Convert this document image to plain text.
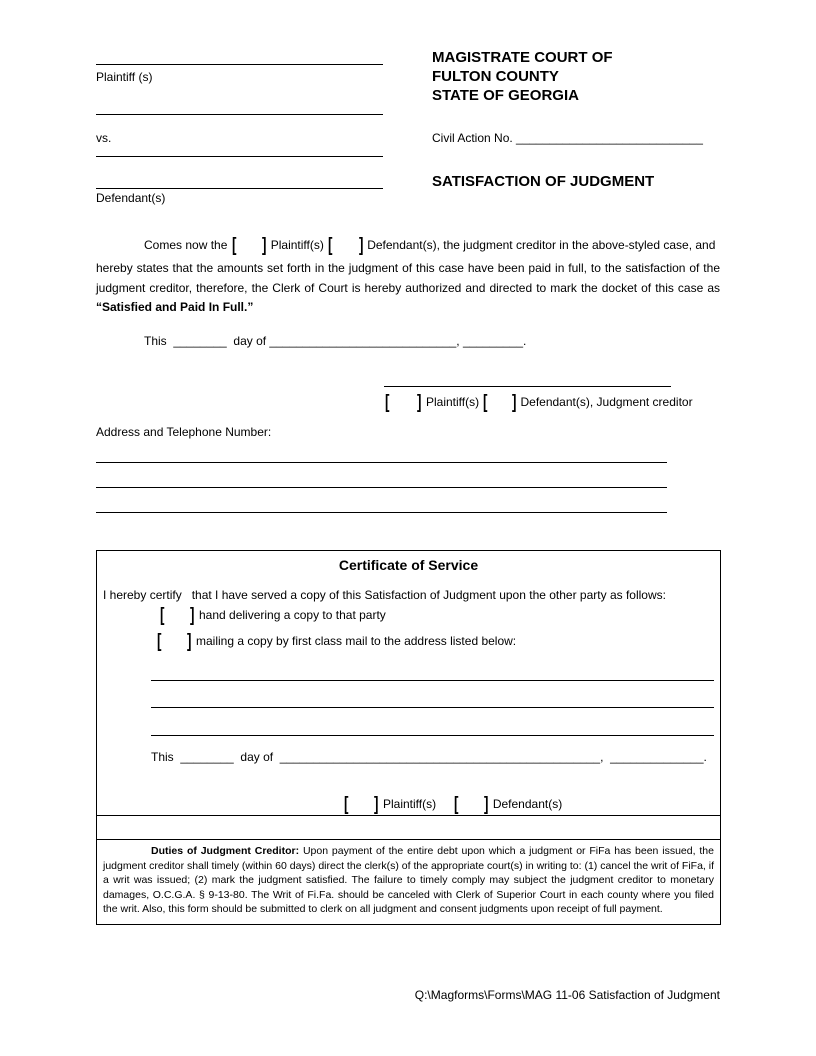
Plaintiff (s)
vs.
Defendant(s)
MAGISTRATE COURT OF
FULTON COUNTY
STATE OF GEORGIA
Civil Action No. ____________________________
SATISFACTION OF JUDGMENT
Comes now the [ ] Plaintiff(s) [ ] Defendant(s), the judgment creditor in the above-styled case, and
hereby states that the amounts set forth in the judgment of this case have been paid in full, to the satisfaction of the judgment creditor, therefore, the Clerk of Court is hereby authorized and directed to mark the docket of this case as “Satisfied and Paid In Full.”
This  ________  day of ____________________________, _________.
[ ] Plaintiff(s) [ ] Defendant(s), Judgment creditor
Address and Telephone Number:
Certificate of Service
I hereby certify   that I have served a copy of this Satisfaction of Judgment upon the other party as follows:
[ ] hand delivering a copy to that party
[ ] mailing a copy by first class mail to the address listed below:
This  ________  day of  ________________________________________________,  ______________.
[ ] Plaintiff(s) [ ] Defendant(s)
Duties of Judgment Creditor: Upon payment of the entire debt upon which a judgment or FiFa has been issued, the judgment creditor shall timely (within 60 days) direct the clerk(s) of the appropriate court(s) in writing to: (1) cancel the writ of FiFa, if a writ was issued; (2) mark the judgment satisfied. The failure to timely comply may subject the judgment creditor to monetary damages, O.C.G.A. § 9-13-80. The Writ of Fi.Fa. should be canceled with Clerk of Superior Court in each county where you filed the writ. Also, this form should be submitted to clerk on all judgment and consent judgments upon receipt of full payment.
Q:\Magforms\Forms\MAG 11-06 Satisfaction of Judgment
